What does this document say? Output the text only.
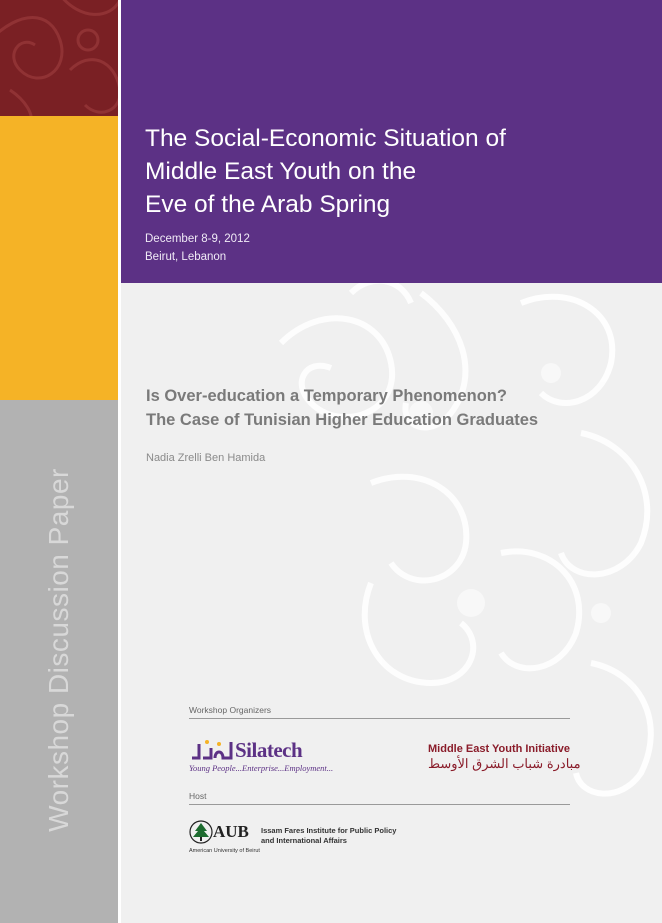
Workshop Discussion Paper
The Social-Economic Situation of
Middle East Youth on the
Eve of the Arab Spring
December 8-9, 2012
Beirut, Lebanon
Is Over-education a Temporary Phenomenon?
The Case of Tunisian Higher Education Graduates
Nadia Zrelli Ben Hamida
Workshop Organizers
Silatech
Young People...Enterprise...Employment...
Middle East Youth Initiative
مبادرة شباب الشرق الأوسط
Host
AUB
American University of Beirut
Issam Fares Institute for Public Policy
and International Affairs
